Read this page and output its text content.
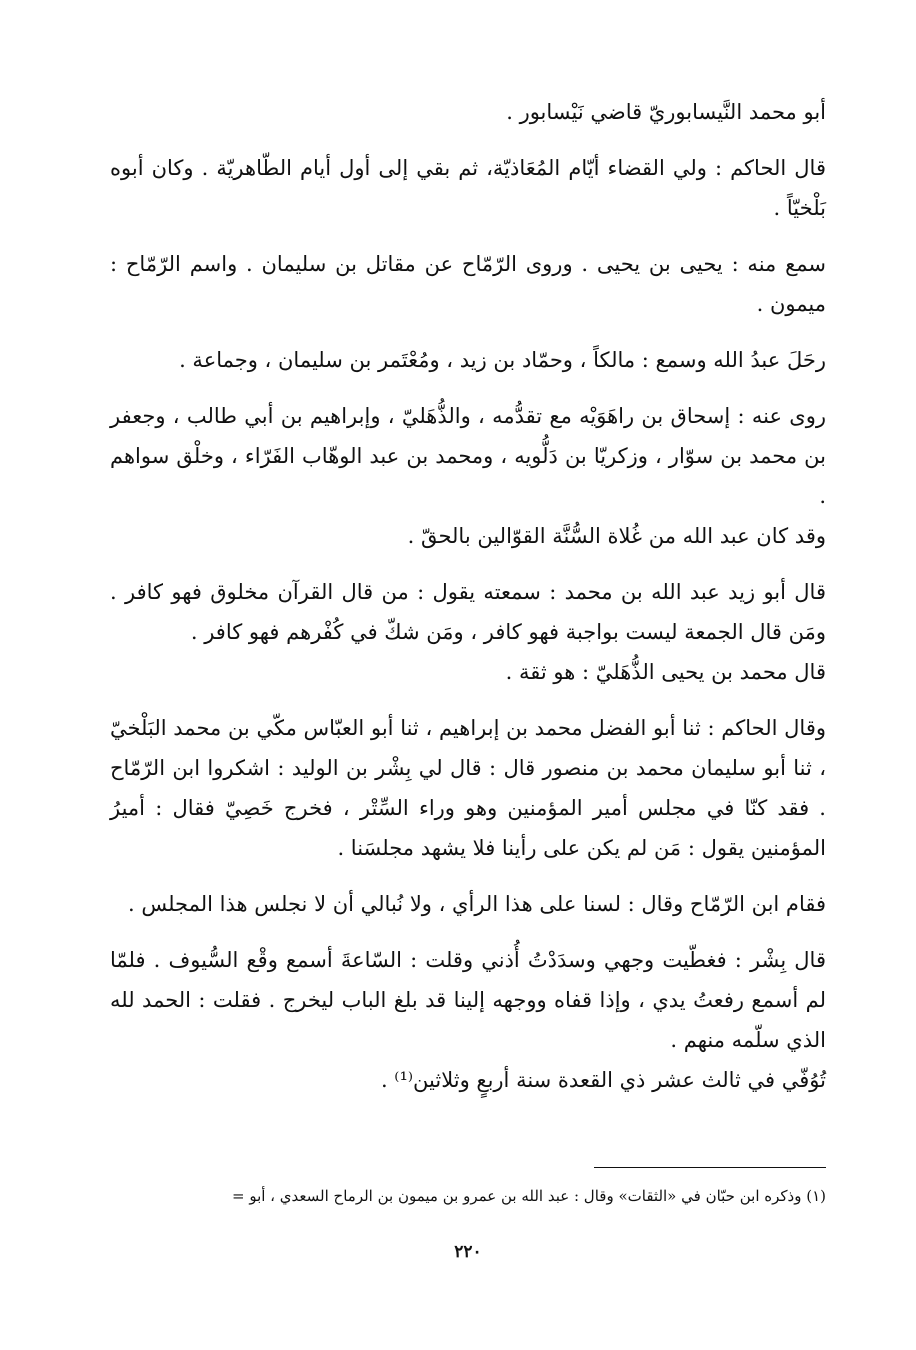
أبو محمد النَّيسابوريّ قاضي نَيْسابور .

قال الحاكم : ولي القضاء أيّام المُعَاذيّة، ثم بقي إلى أول أيام الطّاهريّة . وكان أبوه بَلْخيّاً .

سمع منه : يحيى بن يحيى . وروى الرّمّاح عن مقاتل بن سليمان . واسم الرّمّاح : ميمون .

رحَلَ عبدُ الله وسمع : مالكاً ، وحمّاد بن زيد ، ومُعْتَمر بن سليمان ، وجماعة .

روى عنه : إسحاق بن راهَوَيْه مع تقدُّمه ، والذُّهَليّ ، وإبراهيم بن أبي طالب ، وجعفر بن محمد بن سوّار ، وزكريّا بن دَلُّويه ، ومحمد بن عبد الوهّاب الفَرّاء ، وخلْق سواهم .

وقد كان عبد الله من غُلاة السُّنَّة القوّالين بالحقّ .

قال أبو زيد عبد الله بن محمد : سمعته يقول : من قال القرآن مخلوق فهو كافر . ومَن قال الجمعة ليست بواجبة فهو كافر ، ومَن شكّ في كُفْرهم فهو كافر .

قال محمد بن يحيى الذُّهَليّ : هو ثقة .

وقال الحاكم : ثنا أبو الفضل محمد بن إبراهيم ، ثنا أبو العبّاس مكّي بن محمد البَلْخيّ ، ثنا أبو سليمان محمد بن منصور قال : قال لي بِشْر بن الوليد : اشكروا ابن الرّمّاح . فقد كنّا في مجلس أمير المؤمنين وهو وراء السِّتْر ، فخرج خَصِيّ فقال : أميرُ المؤمنين يقول : مَن لم يكن على رأينا فلا يشهد مجلسَنا .

فقام ابن الرّمّاح وقال : لسنا على هذا الرأي ، ولا نُبالي أن لا نجلس هذا المجلس .

قال بِشْر : فغطّيت وجهي وسدَدْتُ أُذني وقلت : السّاعةَ أسمع وقْع السُّيوف . فلمّا لم أسمع رفعتُ يدي ، وإذا قفاه ووجهه إلينا قد بلغ الباب ليخرج . فقلت : الحمد لله الذي سلّمه منهم .

تُوُفّي في ثالث عشر ذي القعدة سنة أربعٍ وثلاثين⁽¹⁾ .

(١) وذكره ابن حبّان في «الثقات» وقال : عبد الله بن عمرو بن ميمون بن الرماح السعدي ، أبو =
٢٢٠
